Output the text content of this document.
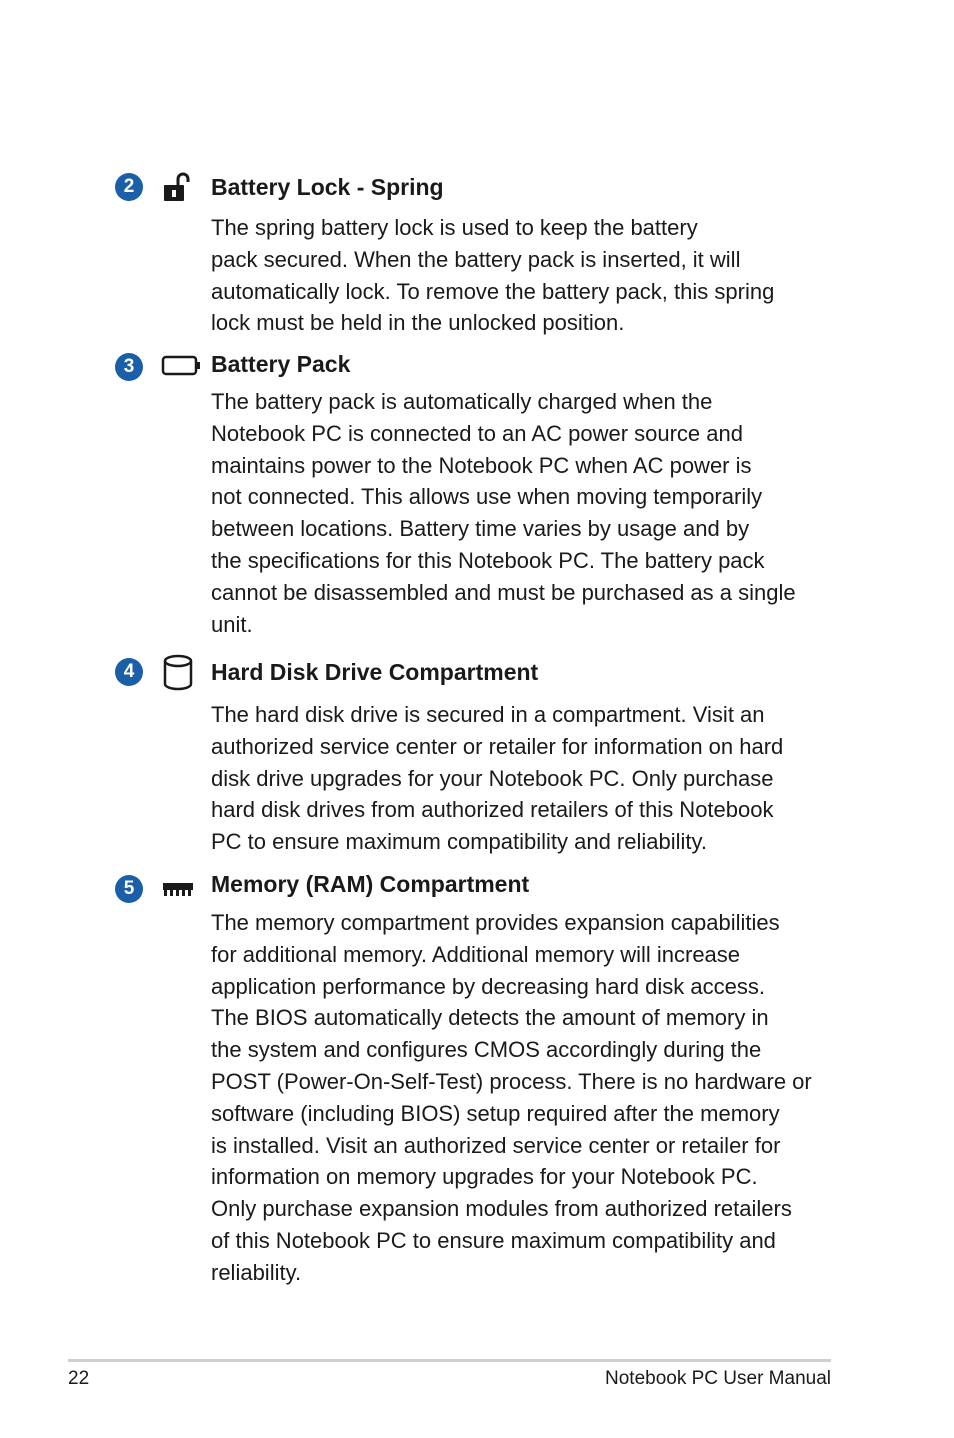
2	Battery Lock - Spring
The spring battery lock is used to keep the battery
pack secured. When the battery pack is inserted, it will
automatically lock. To remove the battery pack, this spring
lock must be held in the unlocked position.
3	Battery Pack
The battery pack is automatically charged when the
Notebook PC is connected to an AC power source and
maintains power to the Notebook PC when AC power is
not connected. This allows use when moving temporarily
between locations. Battery time varies by usage and by
the specifications for this Notebook PC. The battery pack
cannot be disassembled and must be purchased as a single
unit.
4	Hard Disk Drive Compartment
The hard disk drive is secured in a compartment. Visit an
authorized service center or retailer for information on hard
disk drive upgrades for your Notebook PC. Only purchase
hard disk drives from authorized retailers of this Notebook
PC to ensure maximum compatibility and reliability.
5	Memory (RAM) Compartment
The memory compartment provides expansion capabilities
for additional memory. Additional memory will increase
application performance by decreasing hard disk access.
The BIOS automatically detects the amount of memory in
the system and configures CMOS accordingly during the
POST (Power-On-Self-Test) process. There is no hardware or
software (including BIOS) setup required after the memory
is installed. Visit an authorized service center or retailer for
information on memory upgrades for your Notebook PC.
Only purchase expansion modules from authorized retailers
of this Notebook PC to ensure maximum compatibility and
reliability.
22	Notebook PC User Manual
